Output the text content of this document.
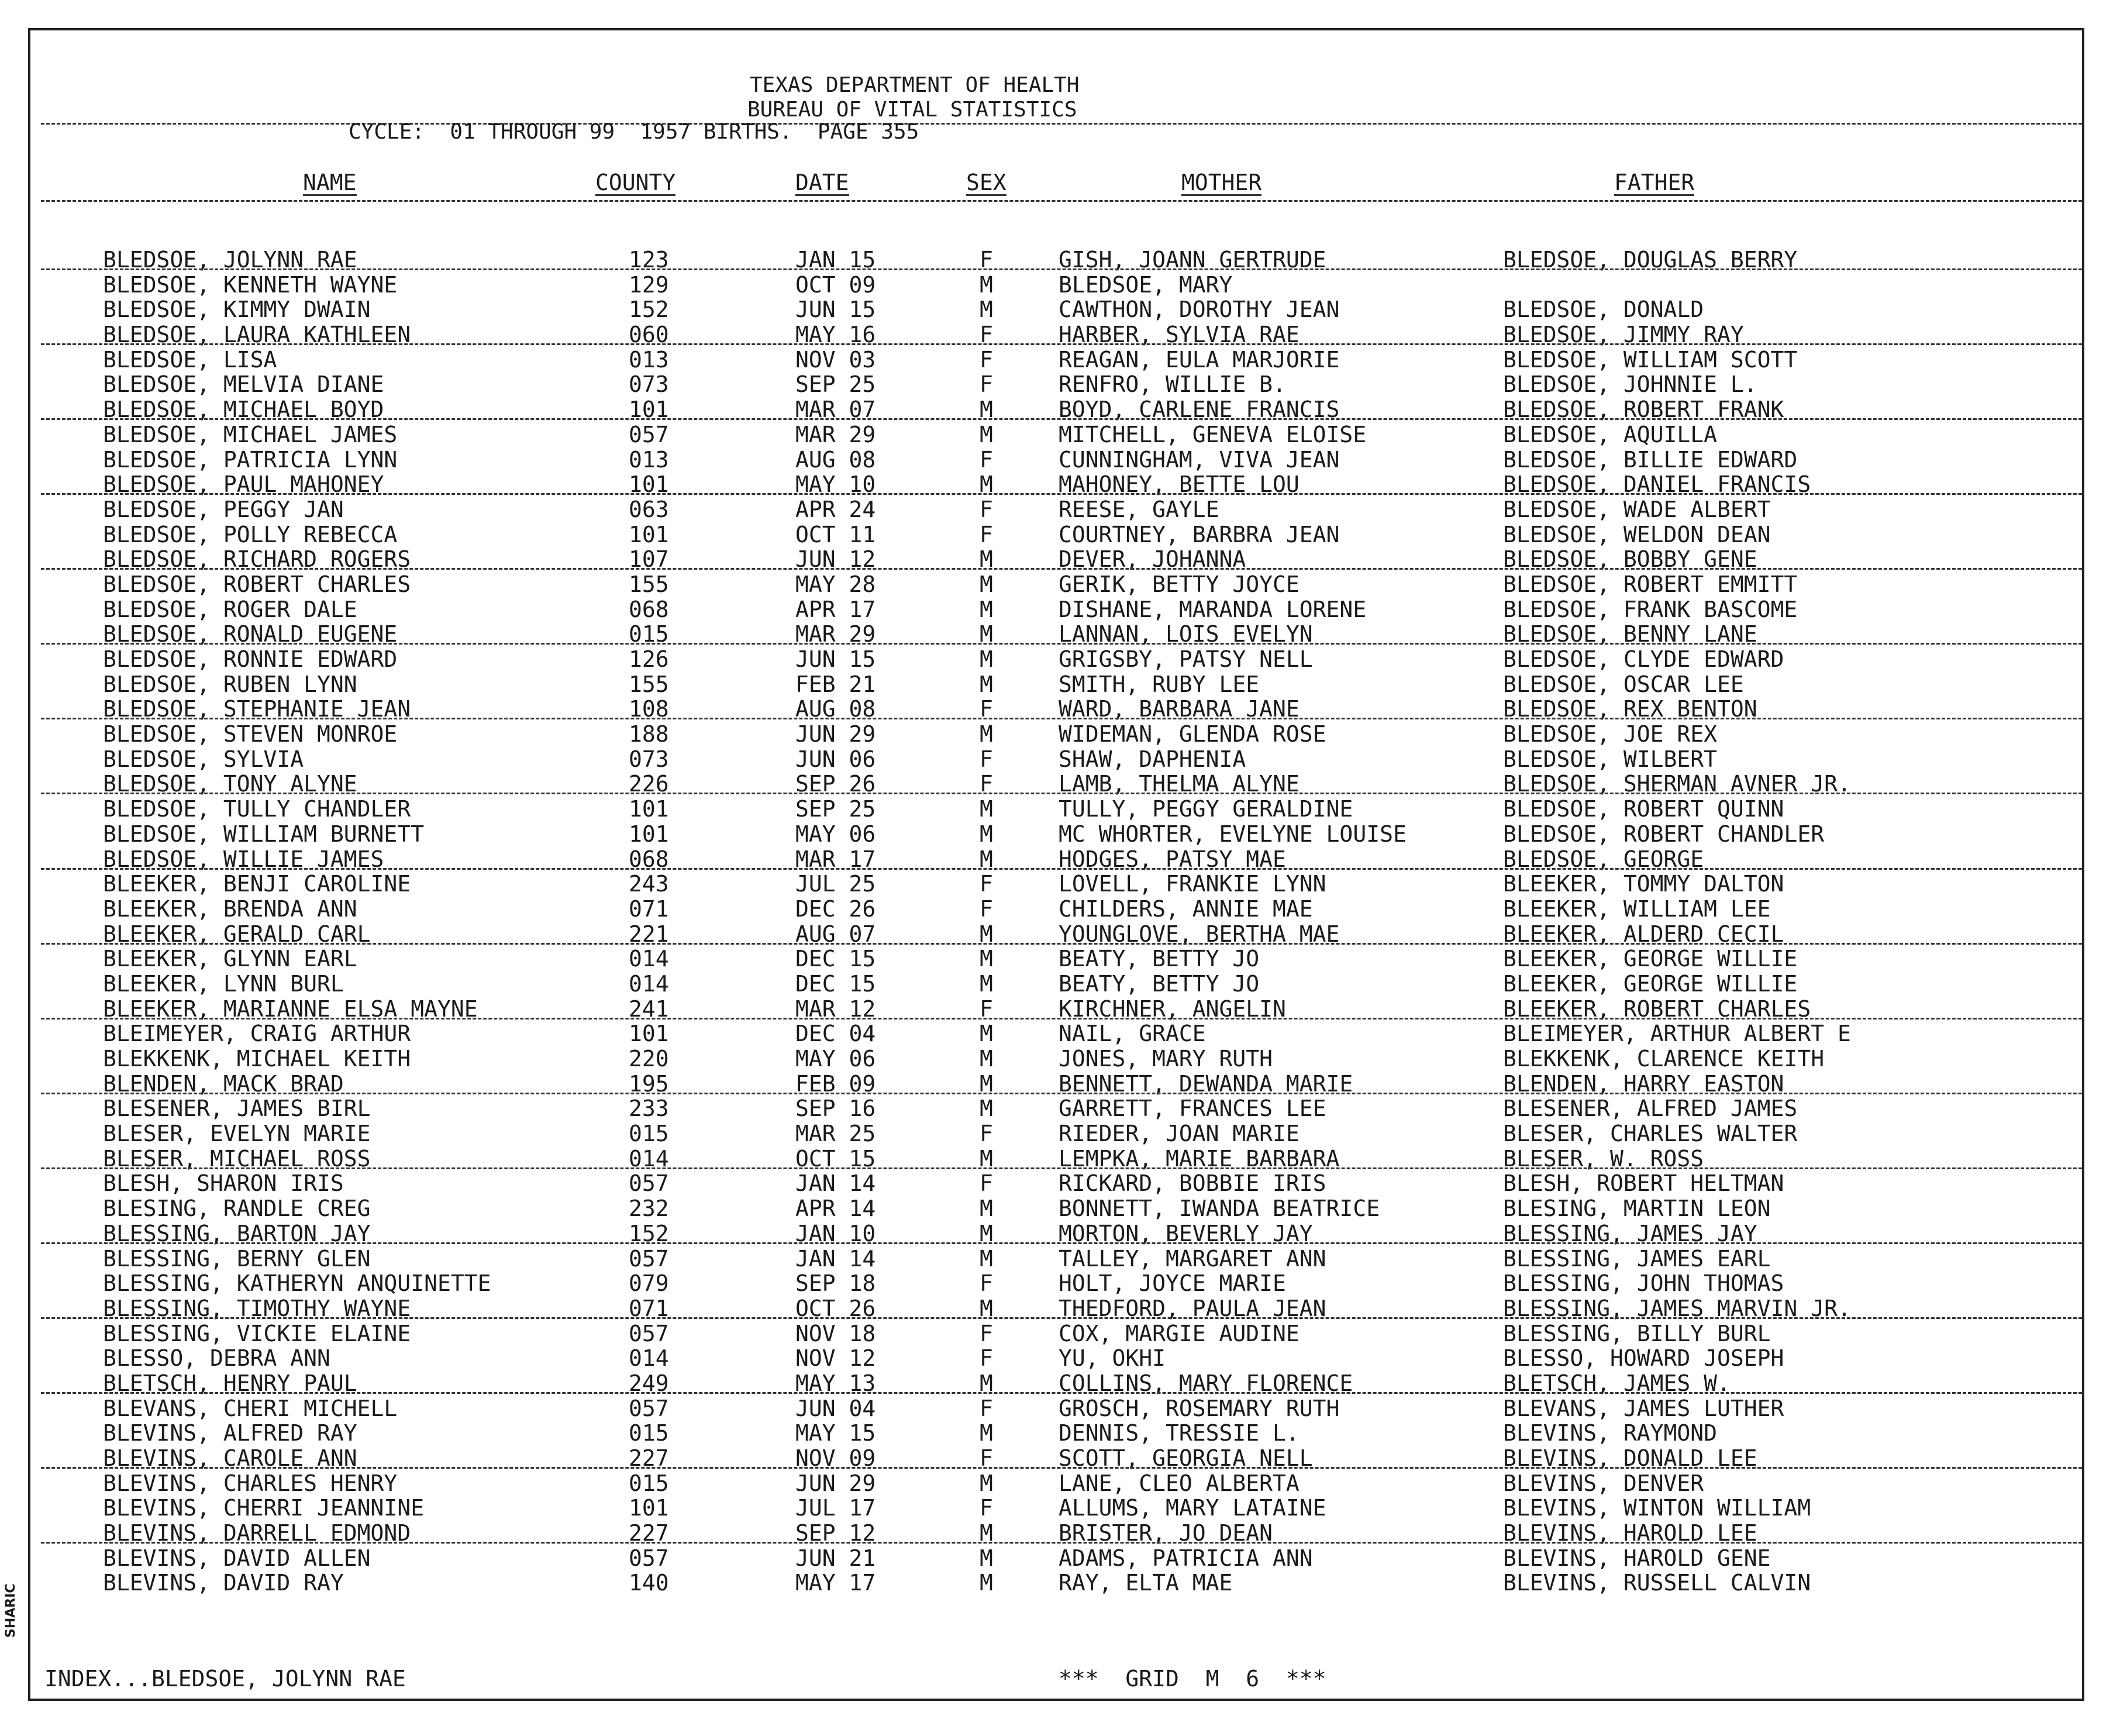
TEXAS DEPARTMENT OF HEALTH
BUREAU OF VITAL STATISTICS
CYCLE:  01 THROUGH 99  1957 BIRTHS.  PAGE 355
NAME	COUNTY	DATE	SEX	MOTHER	FATHER
BLEDSOE, JOLYNN RAE	123	JAN 15	F	GISH, JOANN GERTRUDE	BLEDSOE, DOUGLAS BERRY
BLEDSOE, KENNETH WAYNE	129	OCT 09	M	BLEDSOE, MARY
BLEDSOE, KIMMY DWAIN	152	JUN 15	M	CAWTHON, DOROTHY JEAN	BLEDSOE, DONALD
BLEDSOE, LAURA KATHLEEN	060	MAY 16	F	HARBER, SYLVIA RAE	BLEDSOE, JIMMY RAY
BLEDSOE, LISA	013	NOV 03	F	REAGAN, EULA MARJORIE	BLEDSOE, WILLIAM SCOTT
BLEDSOE, MELVIA DIANE	073	SEP 25	F	RENFRO, WILLIE B.	BLEDSOE, JOHNNIE L.
BLEDSOE, MICHAEL BOYD	101	MAR 07	M	BOYD, CARLENE FRANCIS	BLEDSOE, ROBERT FRANK
BLEDSOE, MICHAEL JAMES	057	MAR 29	M	MITCHELL, GENEVA ELOISE	BLEDSOE, AQUILLA
BLEDSOE, PATRICIA LYNN	013	AUG 08	F	CUNNINGHAM, VIVA JEAN	BLEDSOE, BILLIE EDWARD
BLEDSOE, PAUL MAHONEY	101	MAY 10	M	MAHONEY, BETTE LOU	BLEDSOE, DANIEL FRANCIS
BLEDSOE, PEGGY JAN	063	APR 24	F	REESE, GAYLE	BLEDSOE, WADE ALBERT
BLEDSOE, POLLY REBECCA	101	OCT 11	F	COURTNEY, BARBRA JEAN	BLEDSOE, WELDON DEAN
BLEDSOE, RICHARD ROGERS	107	JUN 12	M	DEVER, JOHANNA	BLEDSOE, BOBBY GENE
BLEDSOE, ROBERT CHARLES	155	MAY 28	M	GERIK, BETTY JOYCE	BLEDSOE, ROBERT EMMITT
BLEDSOE, ROGER DALE	068	APR 17	M	DISHANE, MARANDA LORENE	BLEDSOE, FRANK BASCOME
BLEDSOE, RONALD EUGENE	015	MAR 29	M	LANNAN, LOIS EVELYN	BLEDSOE, BENNY LANE
BLEDSOE, RONNIE EDWARD	126	JUN 15	M	GRIGSBY, PATSY NELL	BLEDSOE, CLYDE EDWARD
BLEDSOE, RUBEN LYNN	155	FEB 21	M	SMITH, RUBY LEE	BLEDSOE, OSCAR LEE
BLEDSOE, STEPHANIE JEAN	108	AUG 08	F	WARD, BARBARA JANE	BLEDSOE, REX BENTON
BLEDSOE, STEVEN MONROE	188	JUN 29	M	WIDEMAN, GLENDA ROSE	BLEDSOE, JOE REX
BLEDSOE, SYLVIA	073	JUN 06	F	SHAW, DAPHENIA	BLEDSOE, WILBERT
BLEDSOE, TONY ALYNE	226	SEP 26	F	LAMB, THELMA ALYNE	BLEDSOE, SHERMAN AVNER JR.
BLEDSOE, TULLY CHANDLER	101	SEP 25	M	TULLY, PEGGY GERALDINE	BLEDSOE, ROBERT QUINN
BLEDSOE, WILLIAM BURNETT	101	MAY 06	M	MC WHORTER, EVELYNE LOUISE	BLEDSOE, ROBERT CHANDLER
BLEDSOE, WILLIE JAMES	068	MAR 17	M	HODGES, PATSY MAE	BLEDSOE, GEORGE
BLEEKER, BENJI CAROLINE	243	JUL 25	F	LOVELL, FRANKIE LYNN	BLEEKER, TOMMY DALTON
BLEEKER, BRENDA ANN	071	DEC 26	F	CHILDERS, ANNIE MAE	BLEEKER, WILLIAM LEE
BLEEKER, GERALD CARL	221	AUG 07	M	YOUNGLOVE, BERTHA MAE	BLEEKER, ALDERD CECIL
BLEEKER, GLYNN EARL	014	DEC 15	M	BEATY, BETTY JO	BLEEKER, GEORGE WILLIE
BLEEKER, LYNN BURL	014	DEC 15	M	BEATY, BETTY JO	BLEEKER, GEORGE WILLIE
BLEEKER, MARIANNE ELSA MAYNE	241	MAR 12	F	KIRCHNER, ANGELIN	BLEEKER, ROBERT CHARLES
BLEIMEYER, CRAIG ARTHUR	101	DEC 04	M	NAIL, GRACE	BLEIMEYER, ARTHUR ALBERT E
BLEKKENK, MICHAEL KEITH	220	MAY 06	M	JONES, MARY RUTH	BLEKKENK, CLARENCE KEITH
BLENDEN, MACK BRAD	195	FEB 09	M	BENNETT, DEWANDA MARIE	BLENDEN, HARRY EASTON
BLESENER, JAMES BIRL	233	SEP 16	M	GARRETT, FRANCES LEE	BLESENER, ALFRED JAMES
BLESER, EVELYN MARIE	015	MAR 25	F	RIEDER, JOAN MARIE	BLESER, CHARLES WALTER
BLESER, MICHAEL ROSS	014	OCT 15	M	LEMPKA, MARIE BARBARA	BLESER, W. ROSS
BLESH, SHARON IRIS	057	JAN 14	F	RICKARD, BOBBIE IRIS	BLESH, ROBERT HELTMAN
BLESING, RANDLE CREG	232	APR 14	M	BONNETT, IWANDA BEATRICE	BLESING, MARTIN LEON
BLESSING, BARTON JAY	152	JAN 10	M	MORTON, BEVERLY JAY	BLESSING, JAMES JAY
BLESSING, BERNY GLEN	057	JAN 14	M	TALLEY, MARGARET ANN	BLESSING, JAMES EARL
BLESSING, KATHERYN ANQUINETTE	079	SEP 18	F	HOLT, JOYCE MARIE	BLESSING, JOHN THOMAS
BLESSING, TIMOTHY WAYNE	071	OCT 26	M	THEDFORD, PAULA JEAN	BLESSING, JAMES MARVIN JR.
BLESSING, VICKIE ELAINE	057	NOV 18	F	COX, MARGIE AUDINE	BLESSING, BILLY BURL
BLESSO, DEBRA ANN	014	NOV 12	F	YU, OKHI	BLESSO, HOWARD JOSEPH
BLETSCH, HENRY PAUL	249	MAY 13	M	COLLINS, MARY FLORENCE	BLETSCH, JAMES W.
BLEVANS, CHERI MICHELL	057	JUN 04	F	GROSCH, ROSEMARY RUTH	BLEVANS, JAMES LUTHER
BLEVINS, ALFRED RAY	015	MAY 15	M	DENNIS, TRESSIE L.	BLEVINS, RAYMOND
BLEVINS, CAROLE ANN	227	NOV 09	F	SCOTT, GEORGIA NELL	BLEVINS, DONALD LEE
BLEVINS, CHARLES HENRY	015	JUN 29	M	LANE, CLEO ALBERTA	BLEVINS, DENVER
BLEVINS, CHERRI JEANNINE	101	JUL 17	F	ALLUMS, MARY LATAINE	BLEVINS, WINTON WILLIAM
BLEVINS, DARRELL EDMOND	227	SEP 12	M	BRISTER, JO DEAN	BLEVINS, HAROLD LEE
BLEVINS, DAVID ALLEN	057	JUN 21	M	ADAMS, PATRICIA ANN	BLEVINS, HAROLD GENE
BLEVINS, DAVID RAY	140	MAY 17	M	RAY, ELTA MAE	BLEVINS, RUSSELL CALVIN
INDEX...BLEDSOE, JOLYNN RAE	***  GRID  M  6  ***
SHARIC
